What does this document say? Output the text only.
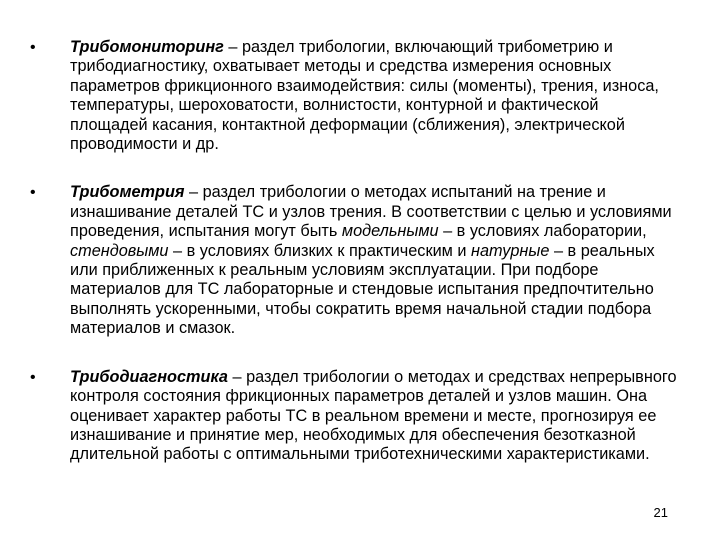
• Трибомониторинг – раздел трибологии, включающий трибометрию и трибодиагностику, охватывает методы и средства измерения основных параметров фрикционного взаимодействия: силы (моменты), трения, износа, температуры, шероховатости, волнистости, контурной и фактической площадей касания, контактной деформации (сближения), электрической проводимости и др.
• Трибометрия – раздел трибологии о методах испытаний на трение и изнашивание деталей ТС и узлов трения. В соответствии с целью и условиями проведения, испытания могут быть модельными – в условиях лаборатории, стендовыми – в условиях близких к практическим и натурные – в реальных или приближенных к реальным условиям эксплуатации. При подборе материалов для ТС лабораторные и стендовые испытания предпочтительно выполнять ускоренными, чтобы сократить время начальной стадии подбора материалов и смазок.
• Трибодиагностика – раздел трибологии о методах и средствах непрерывного контроля состояния фрикционных параметров деталей и узлов машин. Она оценивает характер работы ТС в реальном времени и месте, прогнозируя ее изнашивание и принятие мер, необходимых для обеспечения безотказной длительной работы с оптимальными триботехническими характеристиками.
21
